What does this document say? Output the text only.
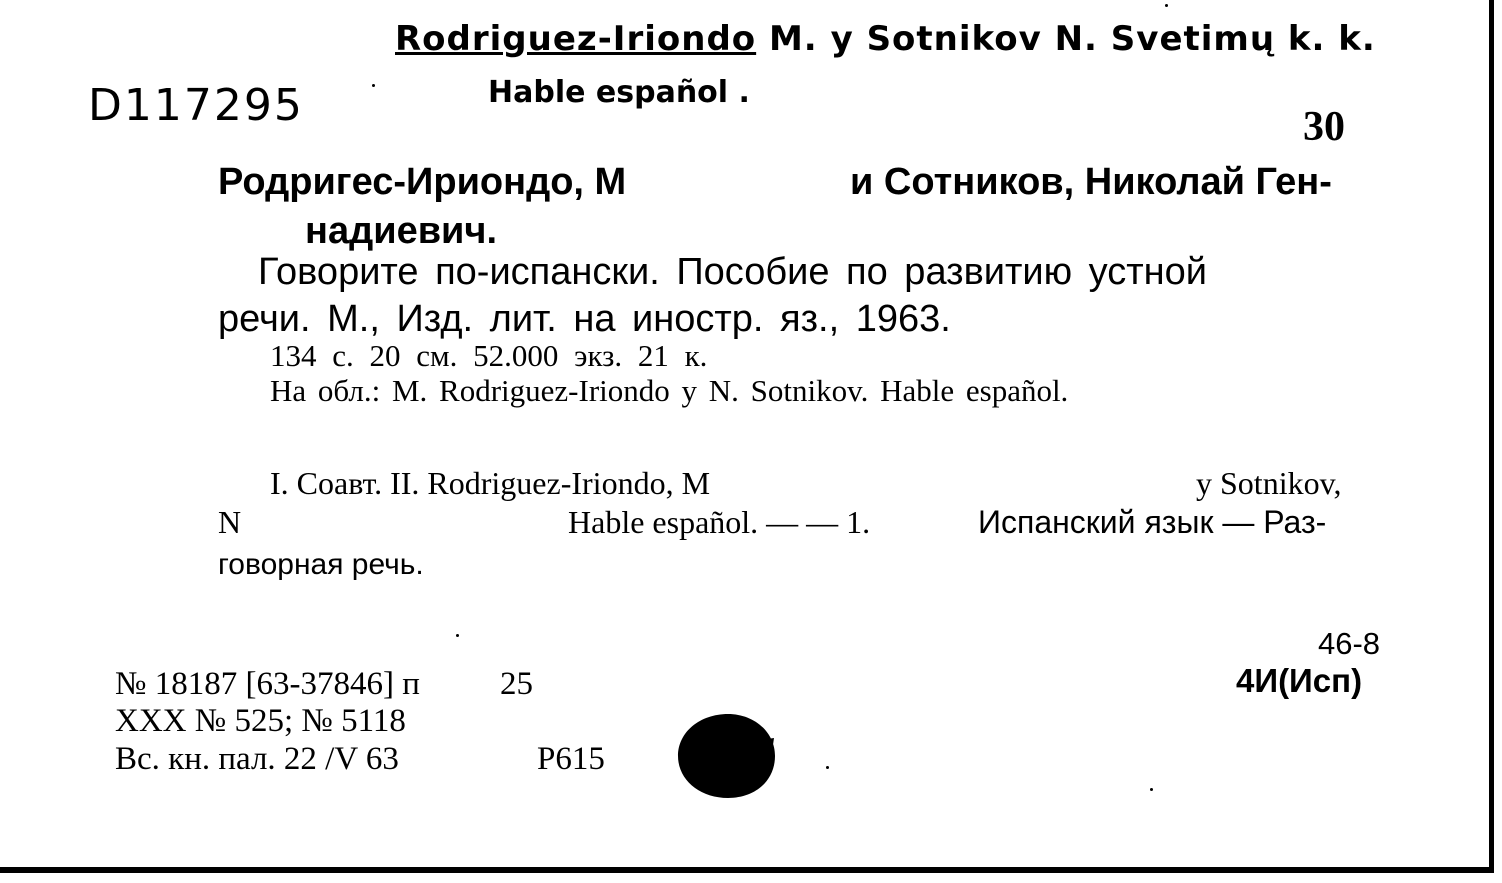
Rodriguez-Iriondo M. y Sotnikov N. Svetimų k. k.
D117295	Hable español .
30
Родригес-Ириондо, М	и Сотников, Николай Ген-
надиевич.
Говорите по-испански. Пособие по развитию устной
речи. М., Изд. лит. на иностр. яз., 1963.
134 с. 20 см. 52.000 экз. 21 к.
На обл.: M. Rodriguez-Iriondo y N. Sotnikov. Hable español.
I. Соавт. II. Rodriguez-Iriondo, M	y Sotnikov,
N	Hable español. — — 1.	Испанский язык — Раз-
говорная речь.
46-8
4И(Исп)
№ 18187 [63-37846] п 25
XXX № 525; № 5118
Вс. кн. пал. 22 /V 63	P615
